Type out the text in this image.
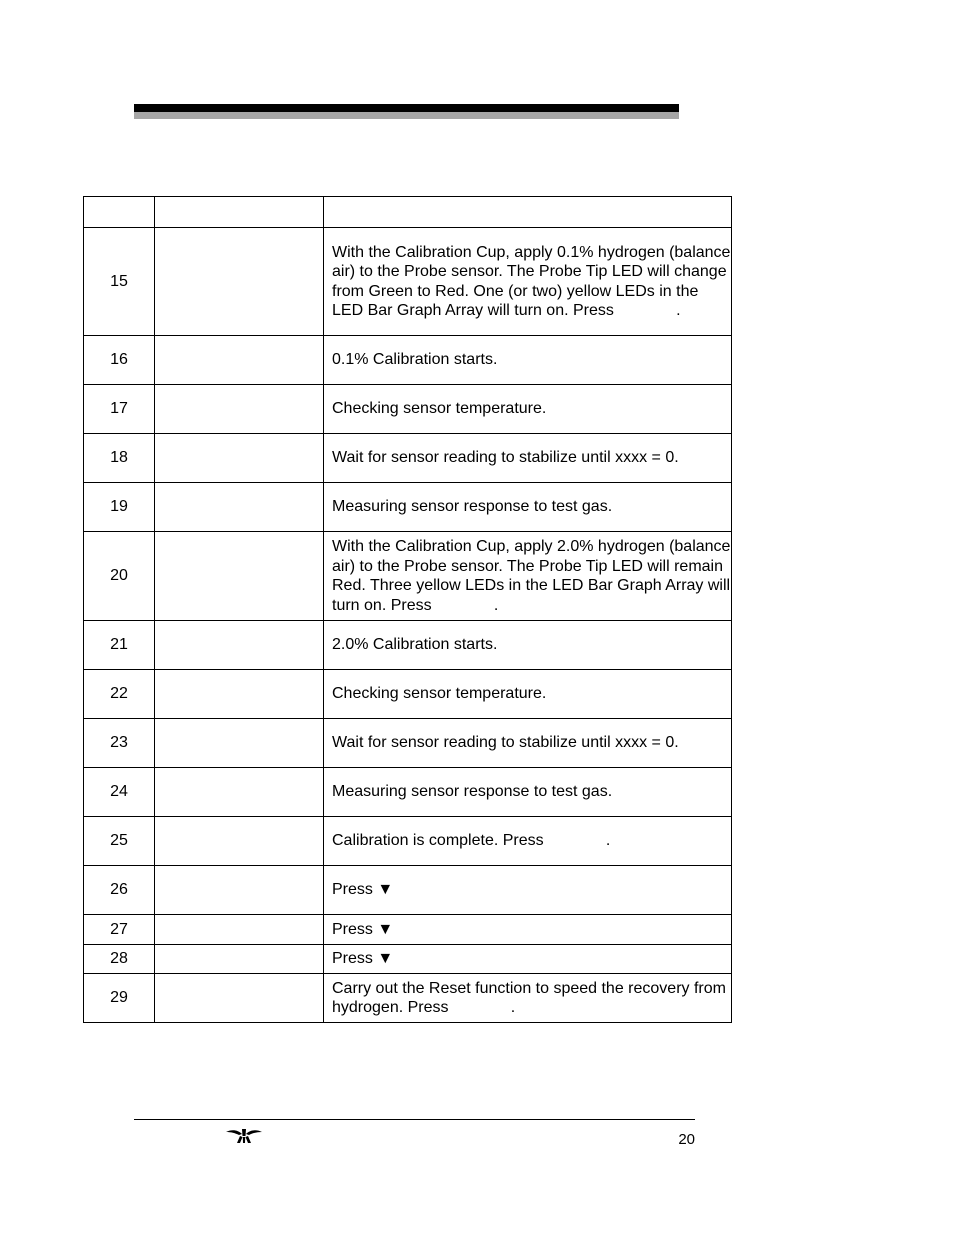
15		With the Calibration Cup, apply 0.1% hydrogen (balance air) to the Probe sensor. The Probe Tip LED will change from Green to Red. One (or two) yellow LEDs in the LED Bar Graph Array will turn on. Press              .
16		0.1% Calibration starts.
17		Checking sensor temperature.
18		Wait for sensor reading to stabilize until xxxx = 0.
19		Measuring sensor response to test gas.
20		With the Calibration Cup, apply 2.0% hydrogen (balance air) to the Probe sensor. The Probe Tip LED will remain Red. Three yellow LEDs in the LED Bar Graph Array will turn on. Press              .
21		2.0% Calibration starts.
22		Checking sensor temperature.
23		Wait for sensor reading to stabilize until xxxx = 0.
24		Measuring sensor response to test gas.
25		Calibration is complete. Press              .
26		Press ▼
27		Press ▼
28		Press ▼
29		Carry out the Reset function to speed the recovery from hydrogen. Press              .
20
